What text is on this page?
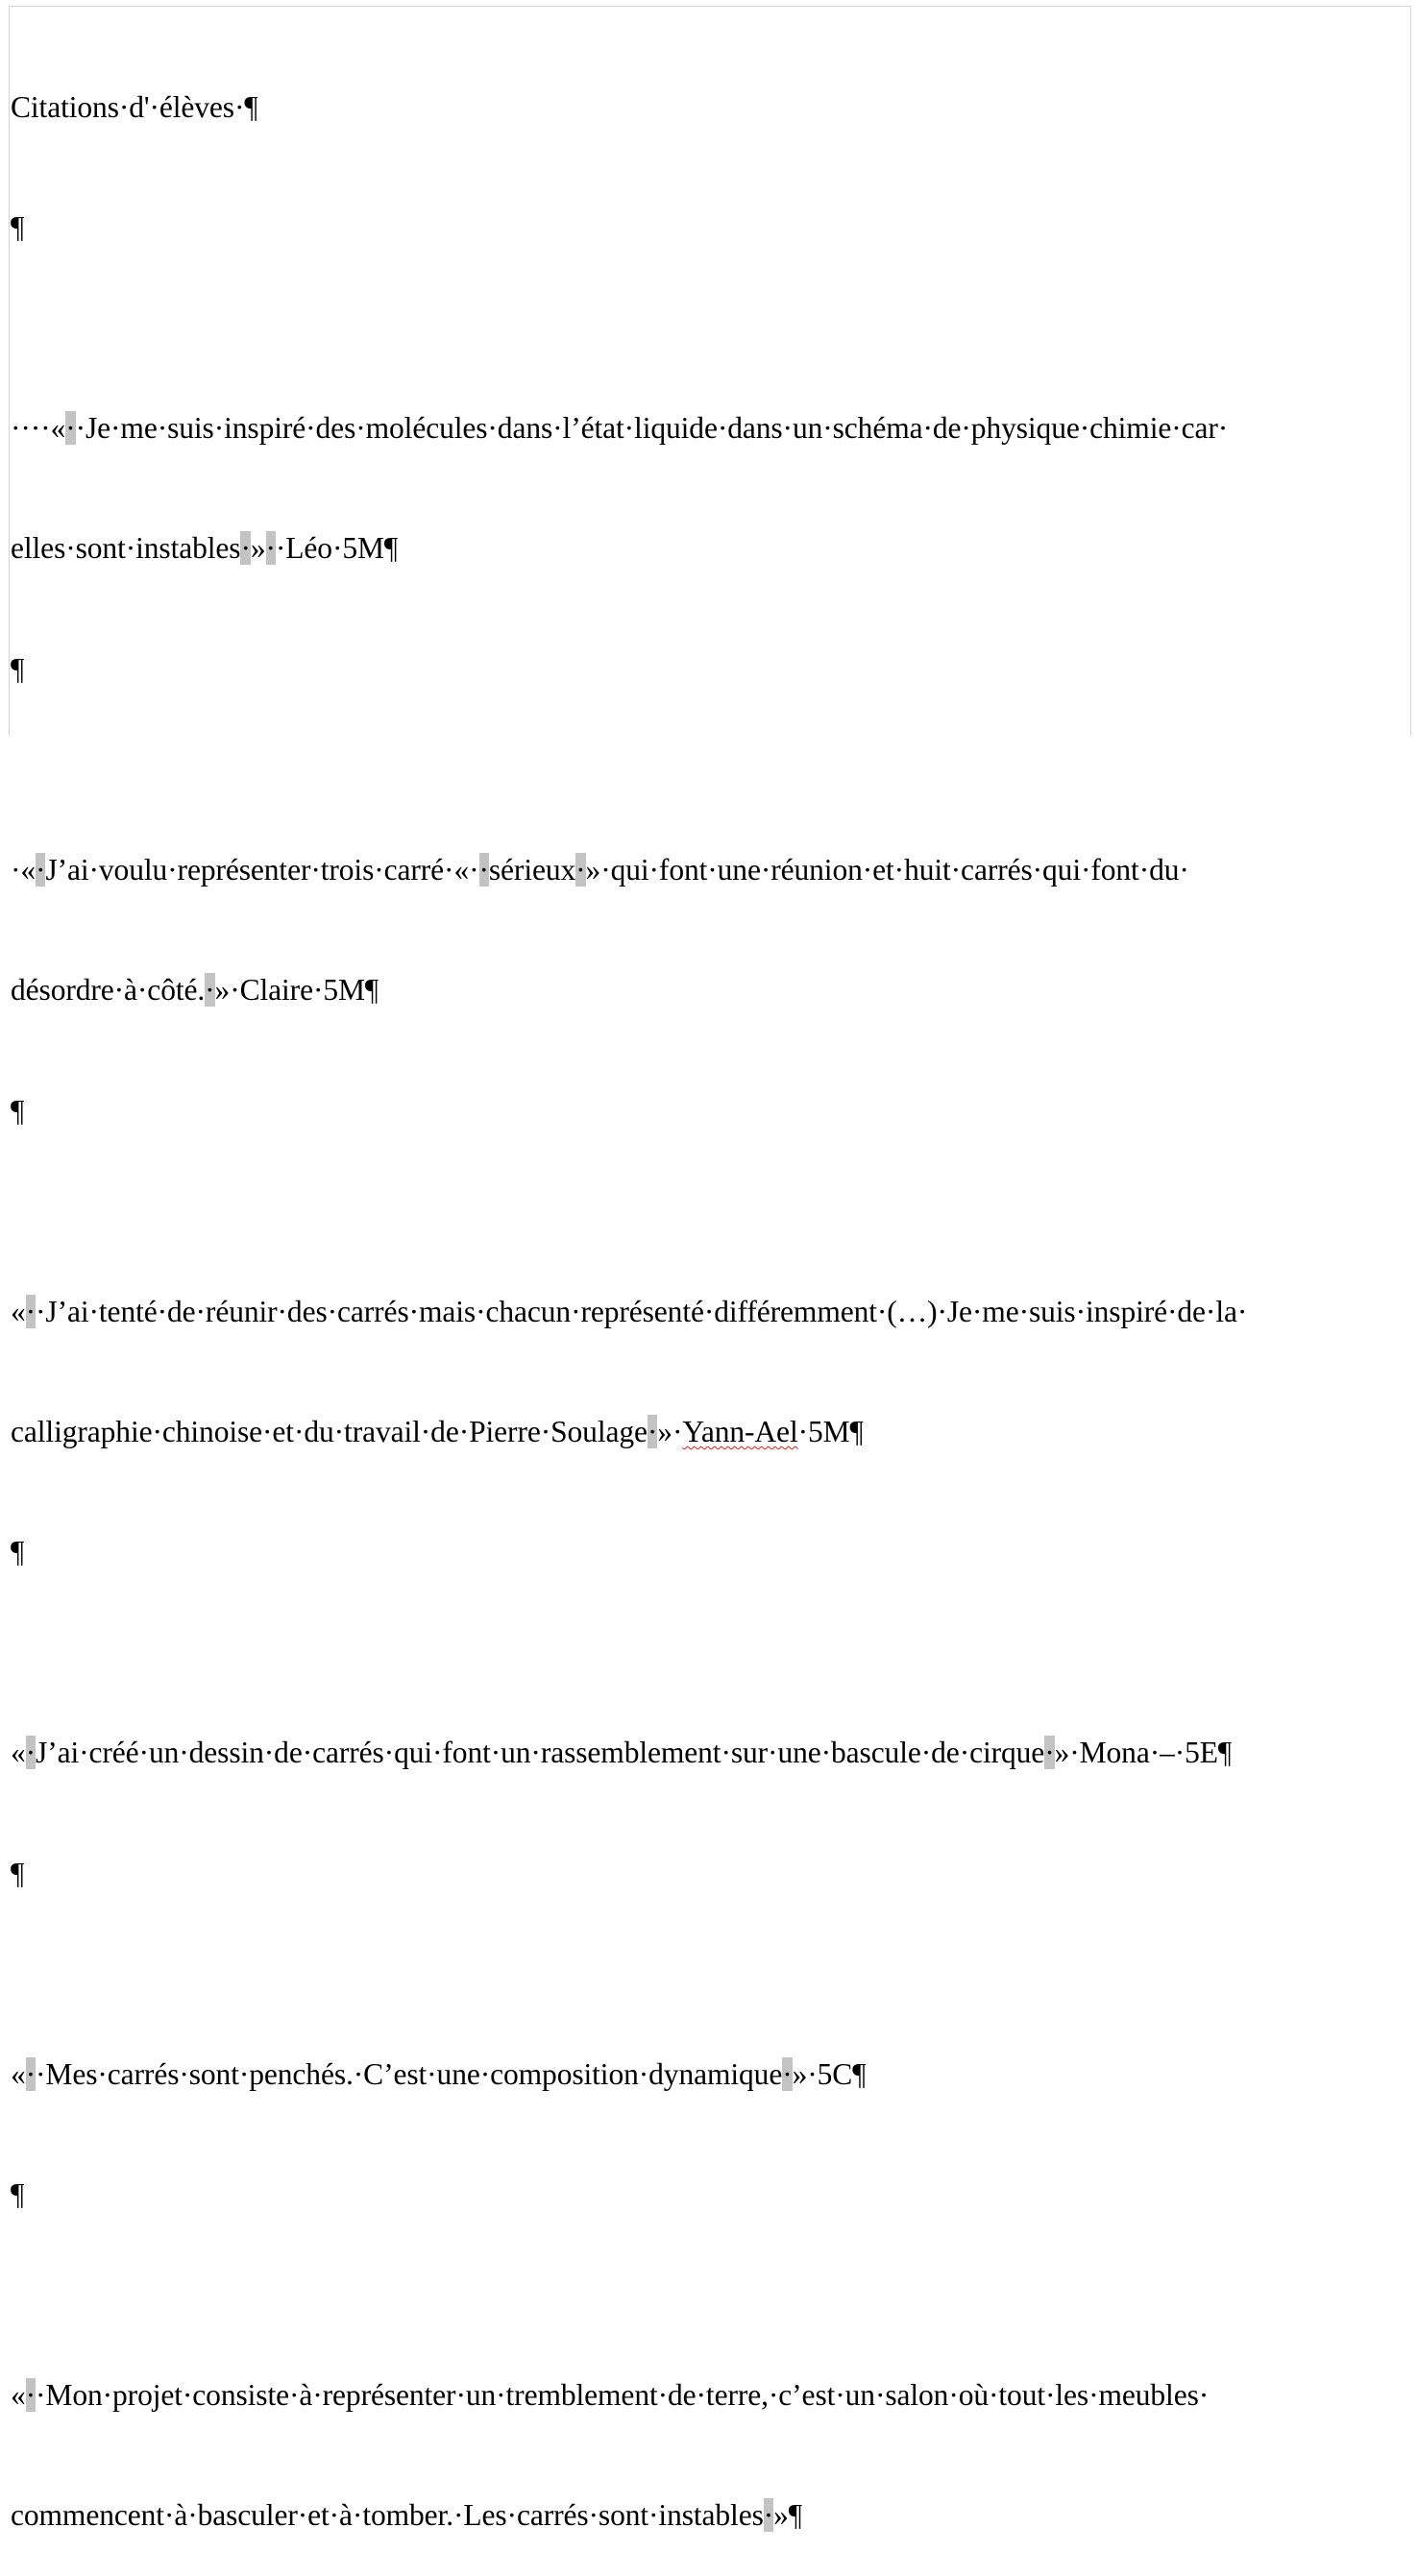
Citations·d'·élèves·¶

¶

····«··Je·me·suis·inspiré·des·molécules·dans·l’état·liquide·dans·un·schéma·de·physique·chimie·car·

elles·sont·instables·»··Léo·5M¶

¶

·«·J’ai·voulu·représenter·trois·carré·«··sérieux·»·qui·font·une·réunion·et·huit·carrés·qui·font·du·

désordre·à·côté.·»·Claire·5M¶

¶

«··J’ai·tenté·de·réunir·des·carrés·mais·chacun·représenté·différemment·(…)·Je·me·suis·inspiré·de·la·

calligraphie·chinoise·et·du·travail·de·Pierre·Soulage·»·Yann-Ael·5M¶

¶

«·J’ai·créé·un·dessin·de·carrés·qui·font·un·rassemblement·sur·une·bascule·de·cirque·»·Mona·–·5E¶

¶

«··Mes·carrés·sont·penchés.·C’est·une·composition·dynamique·»·5C¶

¶

«··Mon·projet·consiste·à·représenter·un·tremblement·de·terre,·c’est·un·salon·où·tout·les·meubles·

commencent·à·basculer·et·à·tomber.·Les·carrés·sont·instables·»¶
